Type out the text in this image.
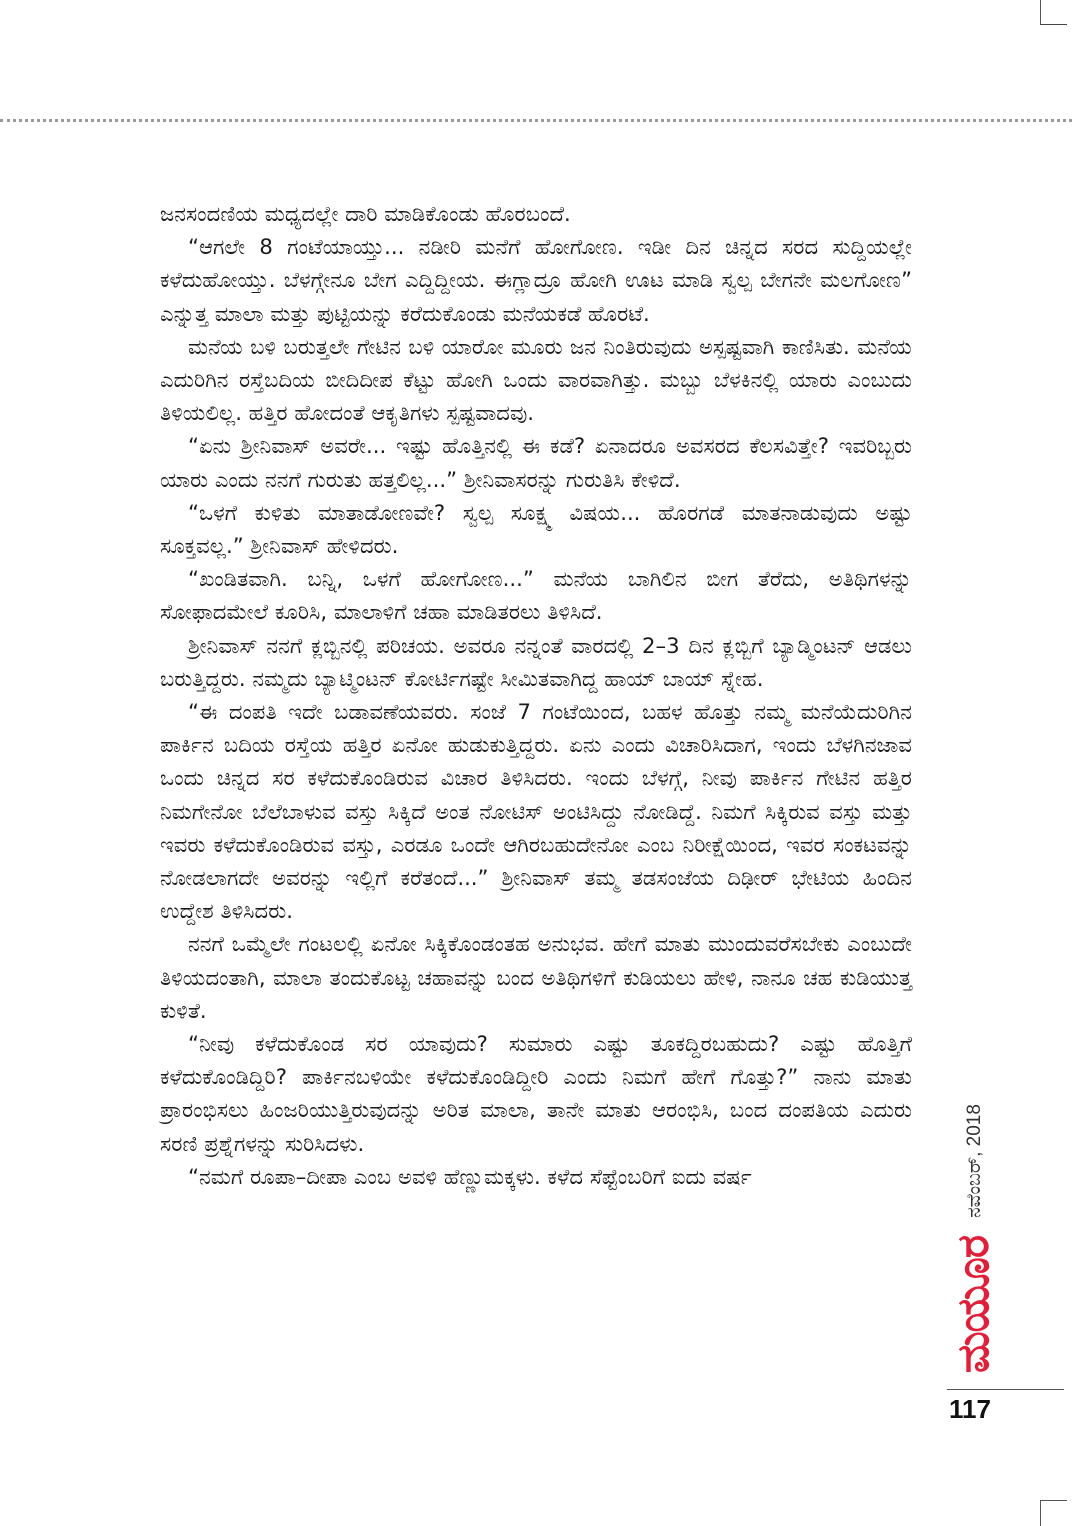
ಜನಸಂದಣಿಯ ಮಧ್ಯದಲ್ಲೇ ದಾರಿ ಮಾಡಿಕೊಂಡು ಹೊರಬಂದೆ.

“ಆಗಲೇ 8 ಗಂಟೆಯಾಯ್ತು... ನಡೀರಿ ಮನೆಗೆ ಹೋಗೋಣ. ಇಡೀ ದಿನ ಚಿನ್ನದ ಸರದ ಸುದ್ದಿಯಲ್ಲೇ ಕಳೆದುಹೋಯ್ತು. ಬೆಳಗ್ಗೇನೂ ಬೇಗ ಎದ್ದಿದ್ದೀಯ. ಈಗ್ಲಾದ್ರೂ ಹೋಗಿ ಊಟ ಮಾಡಿ ಸ್ವಲ್ಪ ಬೇಗನೇ ಮಲಗೋಣ” ಎನ್ನುತ್ತ ಮಾಲಾ ಮತ್ತು ಪುಟ್ಟಿಯನ್ನು ಕರೆದುಕೊಂಡು ಮನೆಯಕಡೆ ಹೊರಟೆ.

ಮನೆಯ ಬಳಿ ಬರುತ್ತಲೇ ಗೇಟಿನ ಬಳಿ ಯಾರೋ ಮೂರು ಜನ ನಿಂತಿರುವುದು ಅಸ್ಪಷ್ಟವಾಗಿ ಕಾಣಿಸಿತು. ಮನೆಯ ಎದುರಿಗಿನ ರಸ್ತೆಬದಿಯ ಬೀದಿದೀಪ ಕೆಟ್ಟು ಹೋಗಿ ಒಂದು ವಾರವಾಗಿತ್ತು. ಮಬ್ಬು ಬೆಳಕಿನಲ್ಲಿ ಯಾರು ಎಂಬುದು ತಿಳಿಯಲಿಲ್ಲ. ಹತ್ತಿರ ಹೋದಂತೆ ಆಕೃತಿಗಳು ಸ್ಪಷ್ಟವಾದವು.

“ಏನು ಶ್ರೀನಿವಾಸ್ ಅವರೇ... ಇಷ್ಟು ಹೊತ್ತಿನಲ್ಲಿ ಈ ಕಡೆ? ಏನಾದರೂ ಅವಸರದ ಕೆಲಸವಿತ್ತೇ? ಇವರಿಬ್ಬರು ಯಾರು ಎಂದು ನನಗೆ ಗುರುತು ಹತ್ತಲಿಲ್ಲ...” ಶ್ರೀನಿವಾಸರನ್ನು ಗುರುತಿಸಿ ಕೇಳಿದೆ.

“ಒಳಗೆ ಕುಳಿತು ಮಾತಾಡೋಣವೇ? ಸ್ವಲ್ಪ ಸೂಕ್ಷ್ಮ ವಿಷಯ... ಹೊರಗಡೆ ಮಾತನಾಡುವುದು ಅಷ್ಟು ಸೂಕ್ತವಲ್ಲ.” ಶ್ರೀನಿವಾಸ್ ಹೇಳಿದರು.

“ಖಂಡಿತವಾಗಿ. ಬನ್ನಿ, ಒಳಗೆ ಹೋಗೋಣ...” ಮನೆಯ ಬಾಗಿಲಿನ ಬೀಗ ತೆರೆದು, ಅತಿಥಿಗಳನ್ನು ಸೋಫಾದಮೇಲೆ ಕೂರಿಸಿ, ಮಾಲಾಳಿಗೆ ಚಹಾ ಮಾಡಿತರಲು ತಿಳಿಸಿದೆ.

ಶ್ರೀನಿವಾಸ್ ನನಗೆ ಕ್ಲಬ್ಬಿನಲ್ಲಿ ಪರಿಚಯ. ಅವರೂ ನನ್ನಂತೆ ವಾರದಲ್ಲಿ 2–3 ದಿನ ಕ್ಲಬ್ಬಿಗೆ ಬ್ಯಾಡ್ಮಿಂಟನ್ ಆಡಲು ಬರುತ್ತಿದ್ದರು. ನಮ್ಮದು ಬ್ಯಾಟ್ಮಿಂಟನ್ ಕೋರ್ಟಿಗಷ್ಟೇ ಸೀಮಿತವಾಗಿದ್ದ ಹಾಯ್ ಬಾಯ್ ಸ್ನೇಹ.

“ಈ ದಂಪತಿ ಇದೇ ಬಡಾವಣೆಯವರು. ಸಂಜೆ 7 ಗಂಟೆಯಿಂದ, ಬಹಳ ಹೊತ್ತು ನಮ್ಮ ಮನೆಯೆದುರಿಗಿನ ಪಾರ್ಕಿನ ಬದಿಯ ರಸ್ತೆಯ ಹತ್ತಿರ ಏನೋ ಹುಡುಕುತ್ತಿದ್ದರು. ಏನು ಎಂದು ವಿಚಾರಿಸಿದಾಗ, ಇಂದು ಬೆಳಗಿನಜಾವ ಒಂದು ಚಿನ್ನದ ಸರ ಕಳೆದುಕೊಂಡಿರುವ ವಿಚಾರ ತಿಳಿಸಿದರು. ಇಂದು ಬೆಳಗ್ಗೆ, ನೀವು ಪಾರ್ಕಿನ ಗೇಟಿನ ಹತ್ತಿರ ನಿಮಗೇನೋ ಬೆಲೆಬಾಳುವ ವಸ್ತು ಸಿಕ್ಕಿದೆ ಅಂತ ನೋಟಿಸ್ ಅಂಟಿಸಿದ್ದು ನೋಡಿದ್ದೆ. ನಿಮಗೆ ಸಿಕ್ಕಿರುವ ವಸ್ತು ಮತ್ತು ಇವರು ಕಳೆದುಕೊಂಡಿರುವ ವಸ್ತು, ಎರಡೂ ಒಂದೇ ಆಗಿರಬಹುದೇನೋ ಎಂಬ ನಿರೀಕ್ಷೆಯಿಂದ, ಇವರ ಸಂಕಟವನ್ನು ನೋಡಲಾಗದೇ ಅವರನ್ನು ಇಲ್ಲಿಗೆ ಕರೆತಂದೆ...” ಶ್ರೀನಿವಾಸ್ ತಮ್ಮ ತಡಸಂಜೆಯ ದಿಢೀರ್ ಭೇಟಿಯ ಹಿಂದಿನ ಉದ್ದೇಶ ತಿಳಿಸಿದರು.

ನನಗೆ ಒಮ್ಮೆಲೇ ಗಂಟಲಲ್ಲಿ ಏನೋ ಸಿಕ್ಕಿಕೊಂಡಂತಹ ಅನುಭವ. ಹೇಗೆ ಮಾತು ಮುಂದುವರೆಸಬೇಕು ಎಂಬುದೇ ತಿಳಿಯದಂತಾಗಿ, ಮಾಲಾ ತಂದುಕೊಟ್ಟ ಚಹಾವನ್ನು ಬಂದ ಅತಿಥಿಗಳಿಗೆ ಕುಡಿಯಲು ಹೇಳಿ, ನಾನೂ ಚಹ ಕುಡಿಯುತ್ತ ಕುಳಿತೆ.

“ನೀವು ಕಳೆದುಕೊಂಡ ಸರ ಯಾವುದು? ಸುಮಾರು ಎಷ್ಟು ತೂಕದ್ದಿರಬಹುದು? ಎಷ್ಟು ಹೊತ್ತಿಗೆ ಕಳೆದುಕೊಂಡಿದ್ದಿರಿ? ಪಾರ್ಕಿನಬಳಿಯೇ ಕಳೆದುಕೊಂಡಿದ್ದೀರಿ ಎಂದು ನಿಮಗೆ ಹೇಗೆ ಗೊತ್ತು?” ನಾನು ಮಾತು ಪ್ರಾರಂಭಿಸಲು ಹಿಂಜರಿಯುತ್ತಿರುವುದನ್ನು ಅರಿತ ಮಾಲಾ, ತಾನೇ ಮಾತು ಆರಂಭಿಸಿ, ಬಂದ ದಂಪತಿಯ ಎದುರು ಸರಣಿ ಪ್ರಶ್ನೆಗಳನ್ನು ಸುರಿಸಿದಳು.

“ನಮಗೆ ರೂಪಾ–ದೀಪಾ ಎಂಬ ಅವಳಿ ಹೆಣ್ಣುಮಕ್ಕಳು. ಕಳೆದ ಸೆಪ್ಟೆಂಬರಿಗೆ ಐದು ವರ್ಷ	ನವೆಂಬರ್, 2018
ಮಯೂರ
117
